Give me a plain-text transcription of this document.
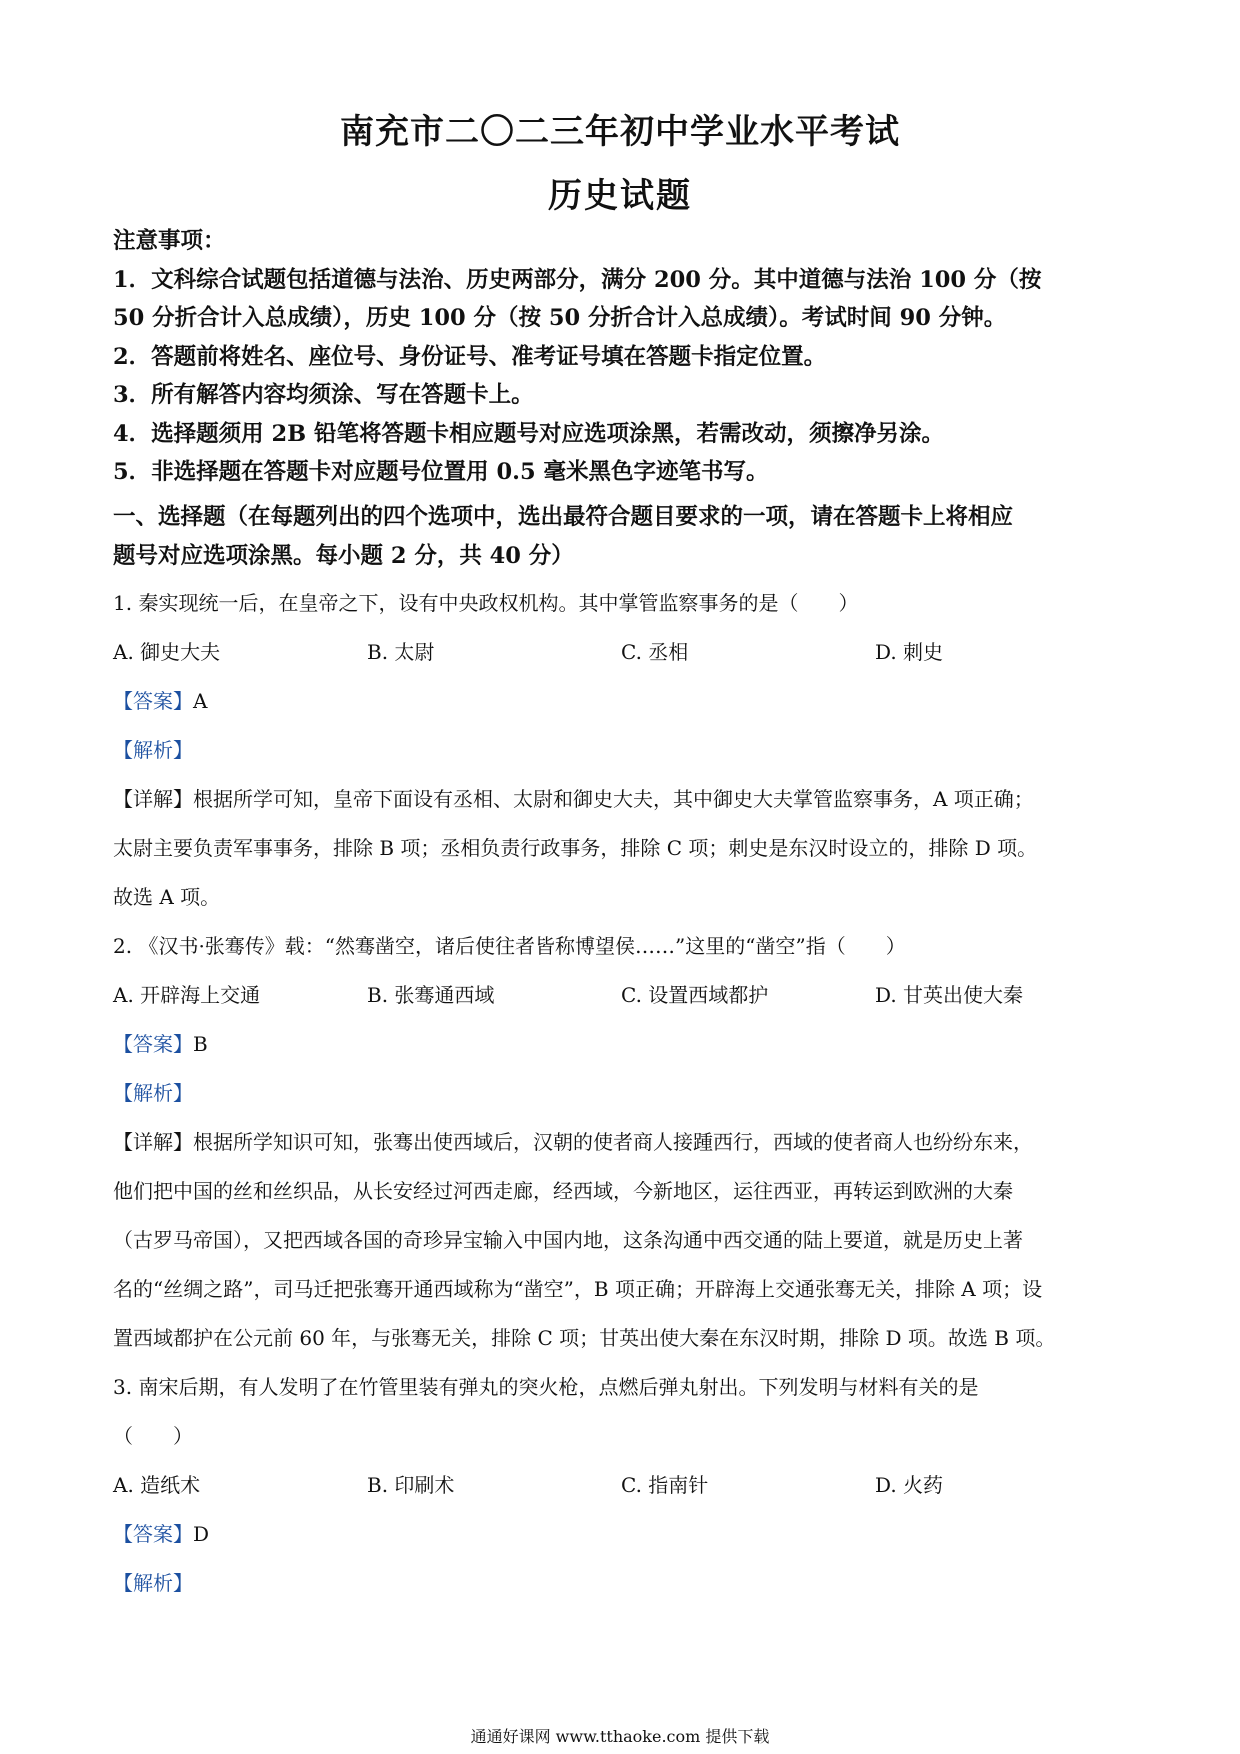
南充市二〇二三年初中学业水平考试
历史试题
注意事项：
1．文科综合试题包括道德与法治、历史两部分，满分 200 分。其中道德与法治 100 分（按
50 分折合计入总成绩），历史 100 分（按 50 分折合计入总成绩）。考试时间 90 分钟。
2．答题前将姓名、座位号、身份证号、准考证号填在答题卡指定位置。
3．所有解答内容均须涂、写在答题卡上。
4．选择题须用 2B 铅笔将答题卡相应题号对应选项涂黑，若需改动，须擦净另涂。
5．非选择题在答题卡对应题号位置用 0.5 毫米黑色字迹笔书写。
一、选择题（在每题列出的四个选项中，选出最符合题目要求的一项，请在答题卡上将相应
题号对应选项涂黑。每小题 2 分，共 40 分）
1. 秦实现统一后，在皇帝之下，设有中央政权机构。其中掌管监察事务的是（　　）
A. 御史大夫	B. 太尉	C. 丞相	D. 刺史
【答案】A
【解析】
【详解】根据所学可知，皇帝下面设有丞相、太尉和御史大夫，其中御史大夫掌管监察事务，A 项正确；
太尉主要负责军事事务，排除 B 项；丞相负责行政事务，排除 C 项；刺史是东汉时设立的，排除 D 项。
故选 A 项。
2. 《汉书·张骞传》载：“然骞凿空，诸后使往者皆称博望侯……”这里的“凿空”指（　　）
A. 开辟海上交通	B. 张骞通西域	C. 设置西域都护	D. 甘英出使大秦
【答案】B
【解析】
【详解】根据所学知识可知，张骞出使西域后，汉朝的使者商人接踵西行，西域的使者商人也纷纷东来，
他们把中国的丝和丝织品，从长安经过河西走廊，经西域，今新地区，运往西亚，再转运到欧洲的大秦
（古罗马帝国），又把西域各国的奇珍异宝输入中国内地，这条沟通中西交通的陆上要道，就是历史上著
名的“丝绸之路”，司马迁把张骞开通西域称为“凿空”，B 项正确；开辟海上交通张骞无关，排除 A 项；设
置西域都护在公元前 60 年，与张骞无关，排除 C 项；甘英出使大秦在东汉时期，排除 D 项。故选 B 项。
3. 南宋后期，有人发明了在竹管里装有弹丸的突火枪，点燃后弹丸射出。下列发明与材料有关的是
（　　）
A. 造纸术	B. 印刷术	C. 指南针	D. 火药
【答案】D
【解析】
通通好课网 www.tthaoke.com 提供下载
